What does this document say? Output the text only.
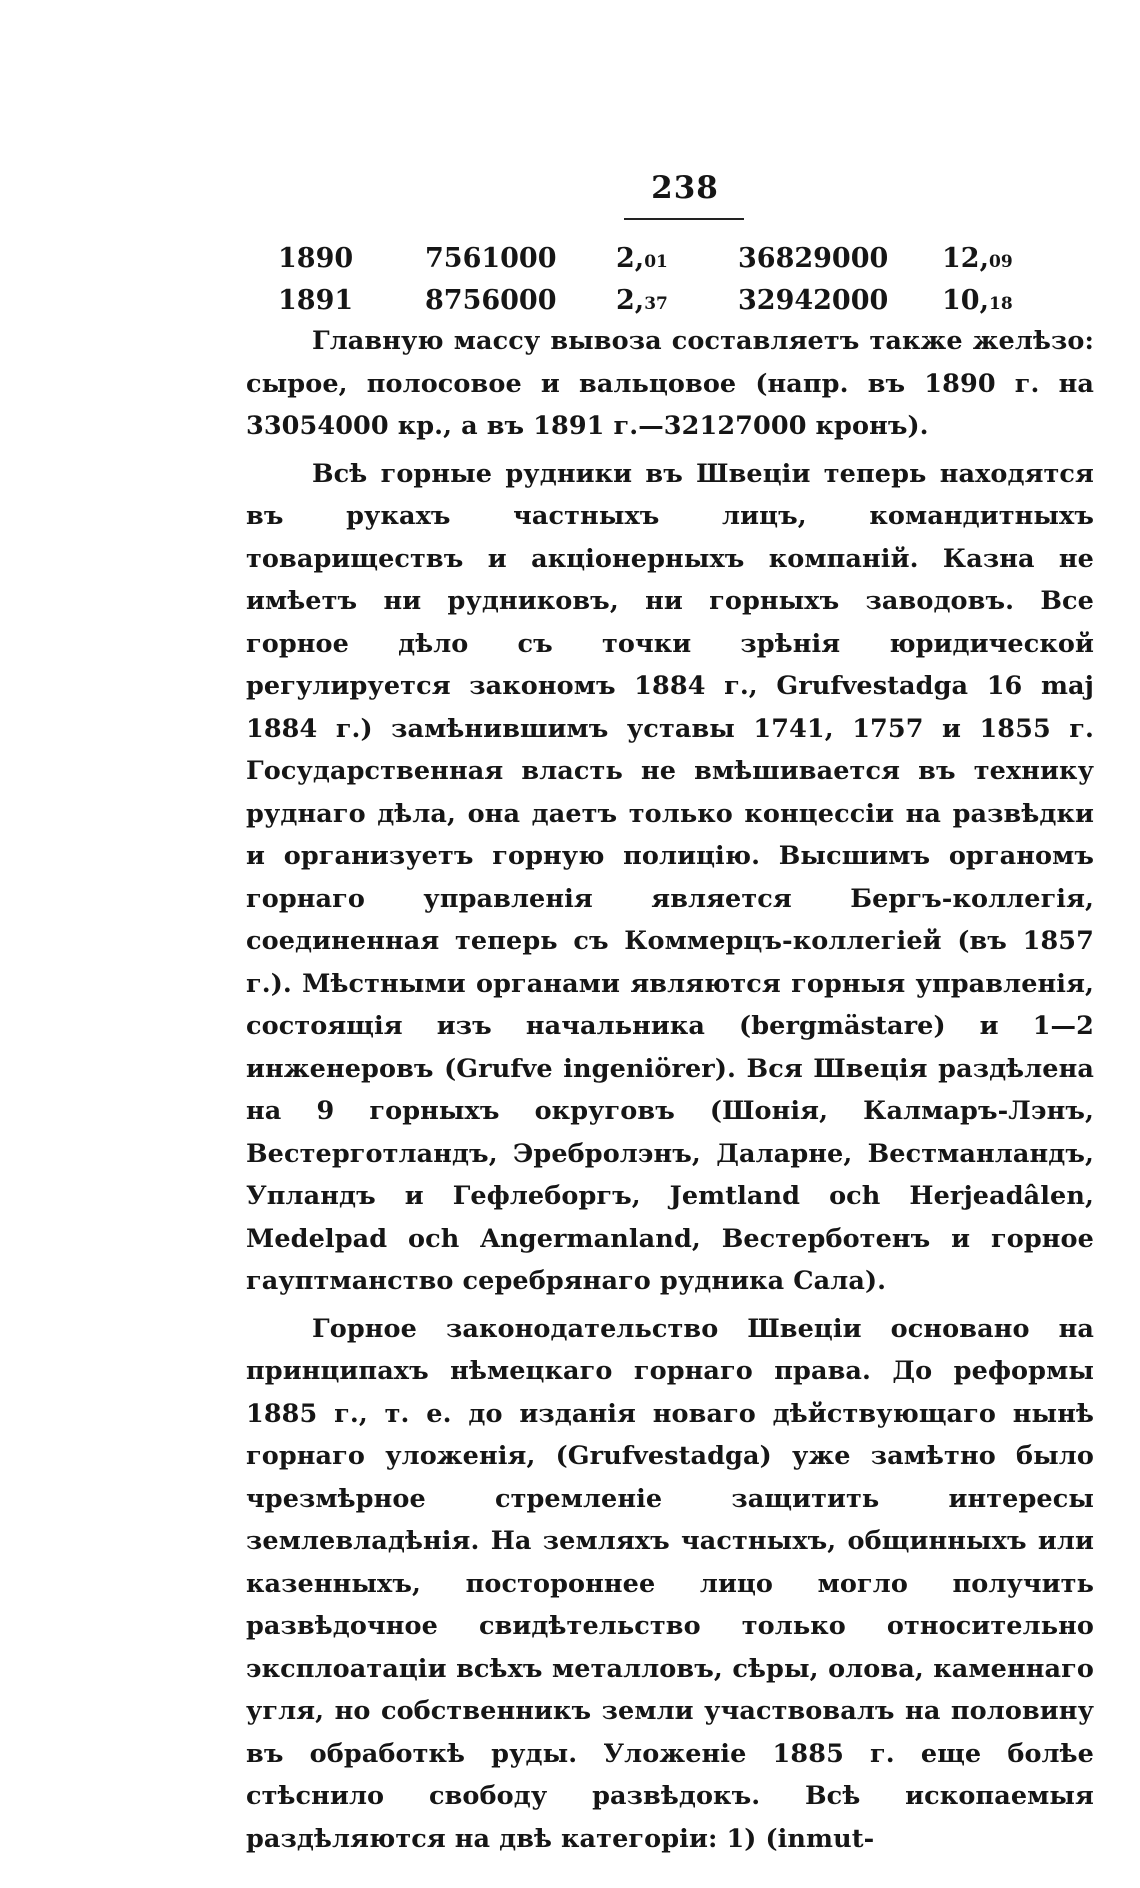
238
1890	7561000 2,01	36829000 12,09
1891	8756000 2,37	32942000 10,18

Главную массу вывоза составляетъ также желѣзо: сырое, полосовое и вальцовое (напр. въ 1890 г. на 33054000 кр., а въ 1891 г.—32127000 кронъ).

Всѣ горные рудники въ Швецiи теперь находятся въ рукахъ частныхъ лицъ, командитныхъ товариществъ и акцiонерныхъ компанiй. Казна не имѣетъ ни рудниковъ, ни горныхъ заводовъ. Все горное дѣло съ точки зрѣнiя юридической регулируется закономъ 1884 г., Grufvestadga 16 maj 1884 г.) замѣнившимъ уставы 1741, 1757 и 1855 г. Государственная власть не вмѣшивается въ технику руднаго дѣла, она даетъ только концессiи на развѣдки и организуетъ горную полицiю. Высшимъ органомъ горнаго управленiя является Бергъ-коллегiя, соединенная теперь съ Коммерцъ-коллегiей (въ 1857 г.). Мѣстными органами являются горныя управленiя, состоящiя изъ начальника (bergmästare) и 1—2 инженеровъ (Grufve ingeniörer). Вся Швецiя раздѣлена на 9 горныхъ округовъ (Шонiя, Калмаръ-Лэнъ, Вестерготландъ, Эребролэнъ, Даларне, Вестманландъ, Упландъ и Гефлеборгъ, Jemtland och Herjeadâlen, Medelpad och Angermanland, Вестерботенъ и горное гауптманство серебрянаго рудника Сала).

Горное законодательство Швецiи основано на принципахъ нѣмецкаго горнаго права. До реформы 1885 г., т. е. до изданiя новаго дѣйствующаго нынѣ горнаго уложенiя, (Grufvestadga) уже замѣтно было чрезмѣрное стремленiе защитить интересы землевладѣнiя. На земляхъ частныхъ, общинныхъ или казенныхъ, постороннее лицо могло получить развѣдочное свидѣтельство только относительно эксплоатацiи всѣхъ металловъ, сѣры, олова, каменнаго угля, но собственникъ земли участвовалъ на половину въ обработкѣ руды. Уложенiе 1885 г. еще болѣе стѣснило свободу развѣдокъ. Всѣ ископаемыя раздѣляются на двѣ категорiи: 1) (inmut-
